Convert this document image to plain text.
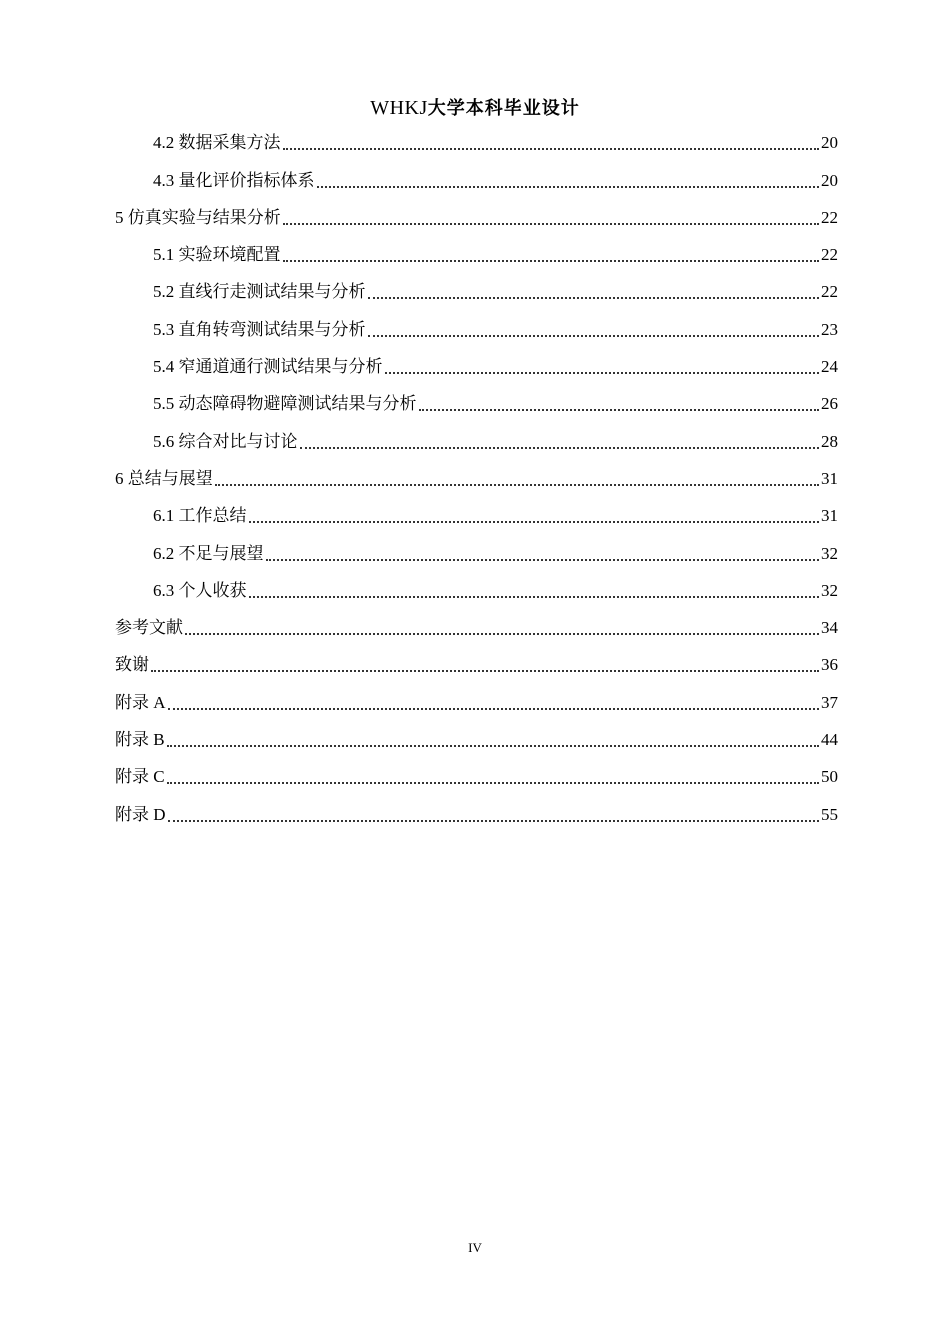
WHKJ大学本科毕业设计
4.2 数据采集方法	20
4.3 量化评价指标体系	20
5 仿真实验与结果分析	22
5.1 实验环境配置	22
5.2 直线行走测试结果与分析	22
5.3 直角转弯测试结果与分析	23
5.4 窄通道通行测试结果与分析	24
5.5 动态障碍物避障测试结果与分析	26
5.6 综合对比与讨论	28
6 总结与展望	31
6.1 工作总结	31
6.2 不足与展望	32
6.3 个人收获	32
参考文献	34
致谢	36
附录 A	37
附录 B	44
附录 C	50
附录 D	55
IV
